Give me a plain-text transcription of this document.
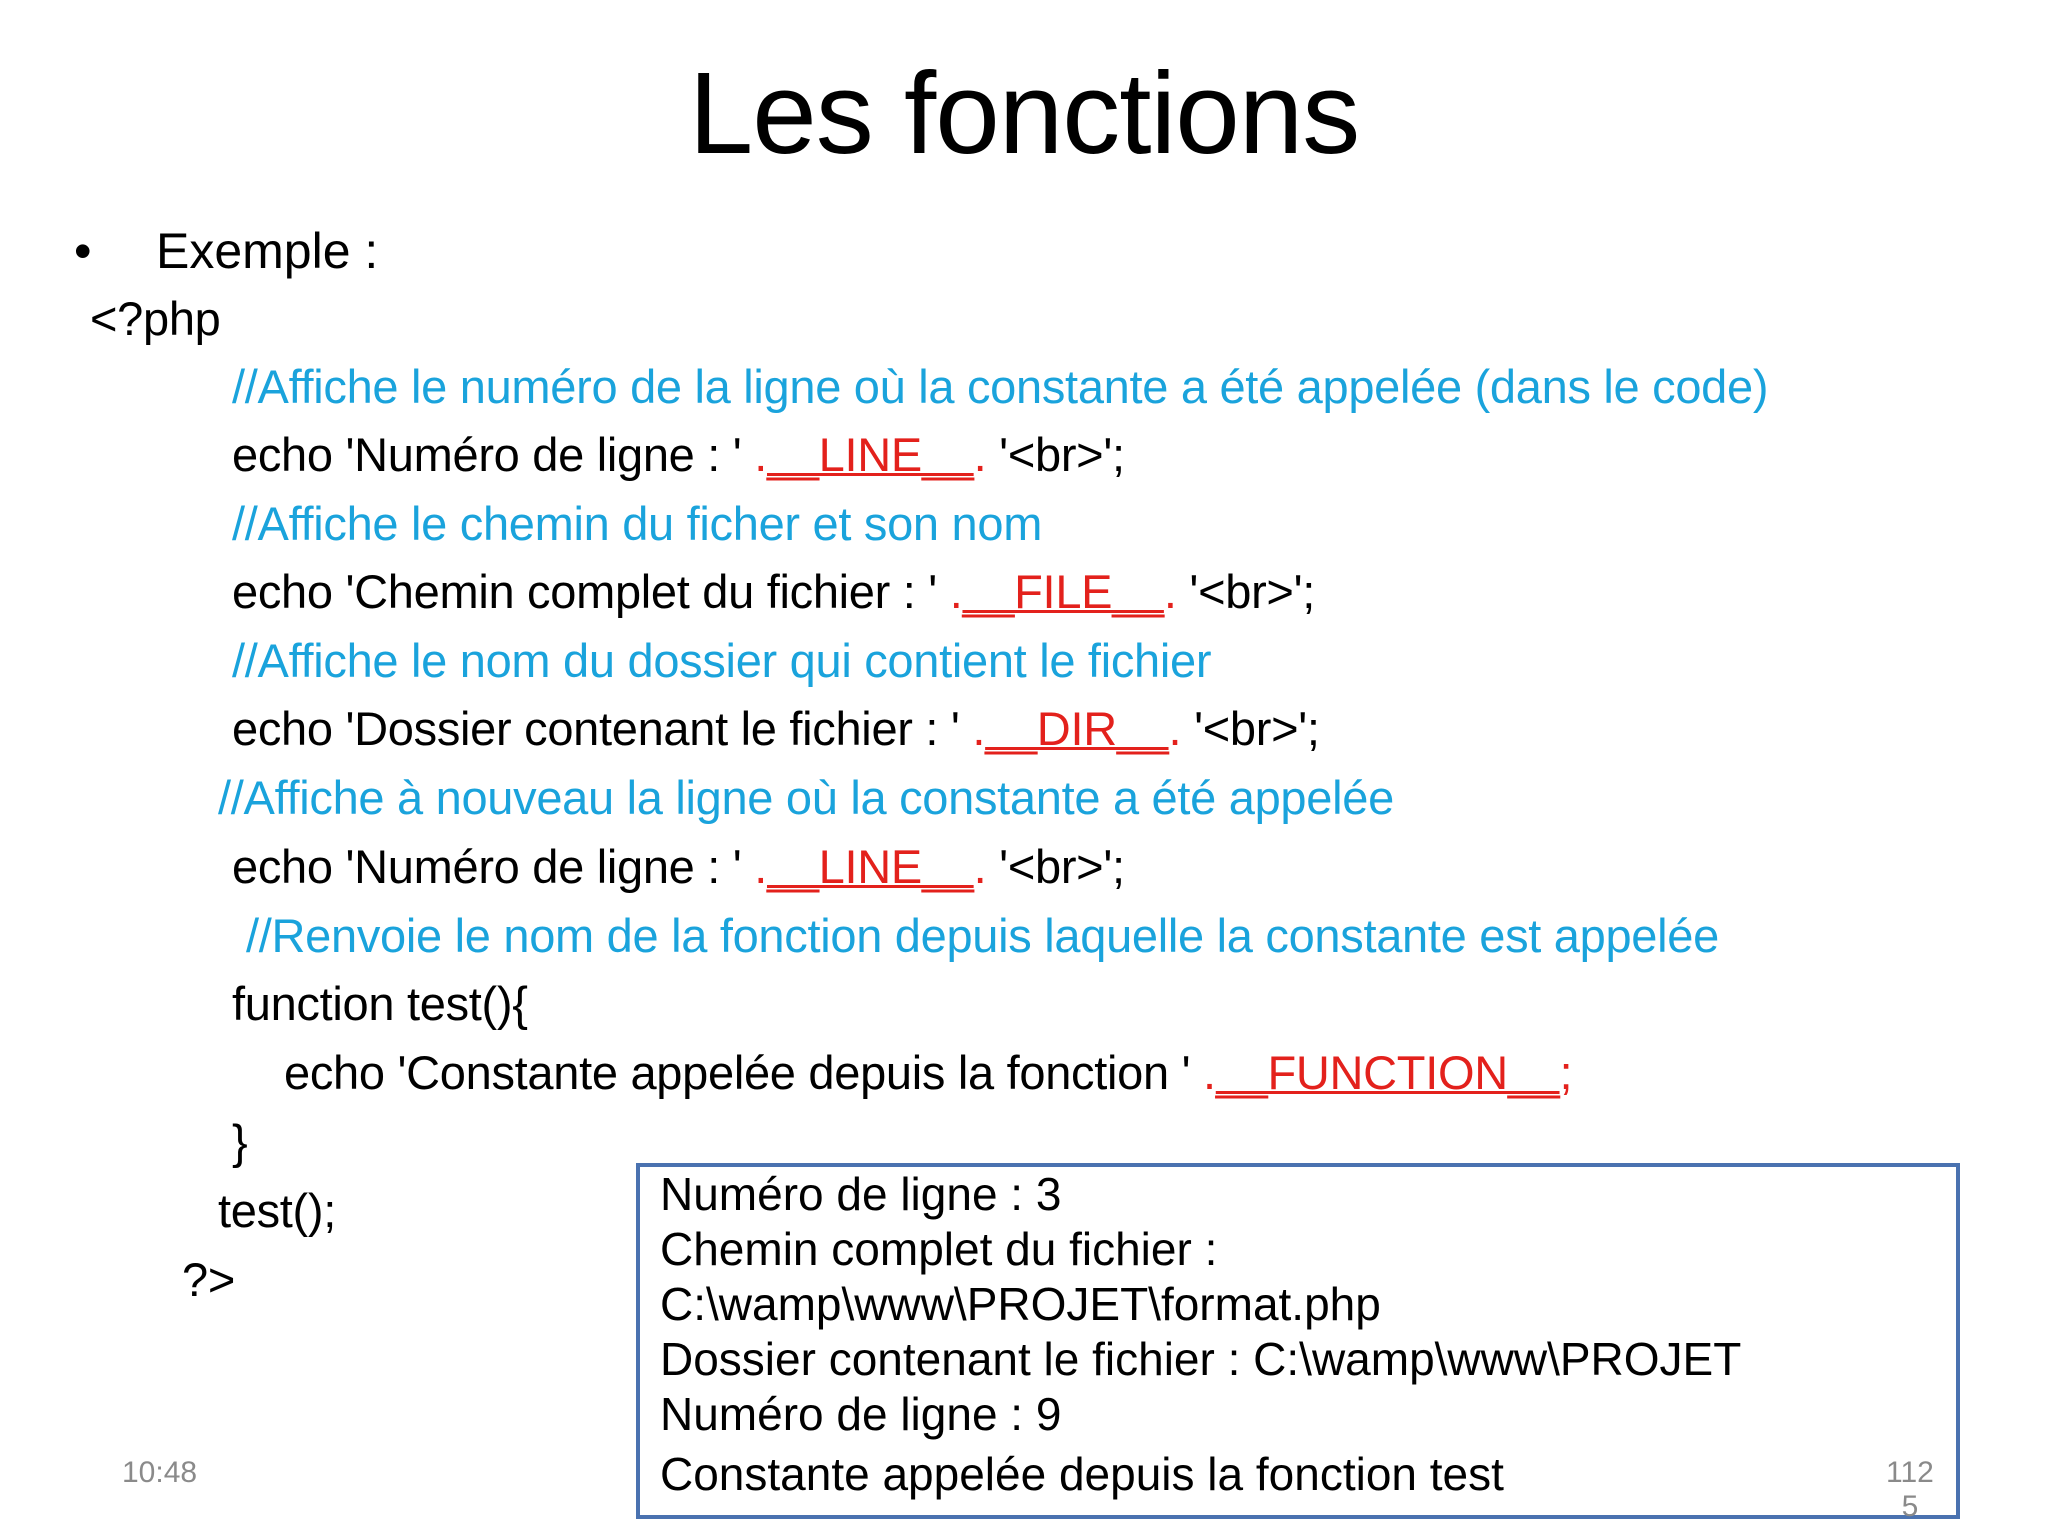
Les fonctions
• Exemple :
<?php
//Affiche le numéro de la ligne où la constante a été appelée (dans le code)
echo 'Numéro de ligne : ' .__LINE__. '<br>';
//Affiche le chemin du ficher et son nom
echo 'Chemin complet du fichier : ' .__FILE__. '<br>';
//Affiche le nom du dossier qui contient le fichier
echo 'Dossier contenant le fichier : ' .__DIR__. '<br>';
//Affiche à nouveau la ligne où la constante a été appelée
echo 'Numéro de ligne : ' .__LINE__. '<br>';
//Renvoie le nom de la fonction depuis laquelle la constante est appelée
function test(){
echo 'Constante appelée depuis la fonction ' .__FUNCTION__;
}
test();
?>
Numéro de ligne : 3
Chemin complet du fichier :
C:\wamp\www\PROJET\format.php
Dossier contenant le fichier : C:\wamp\www\PROJET
Numéro de ligne : 9
Constante appelée depuis la fonction test
10:48	112
5
